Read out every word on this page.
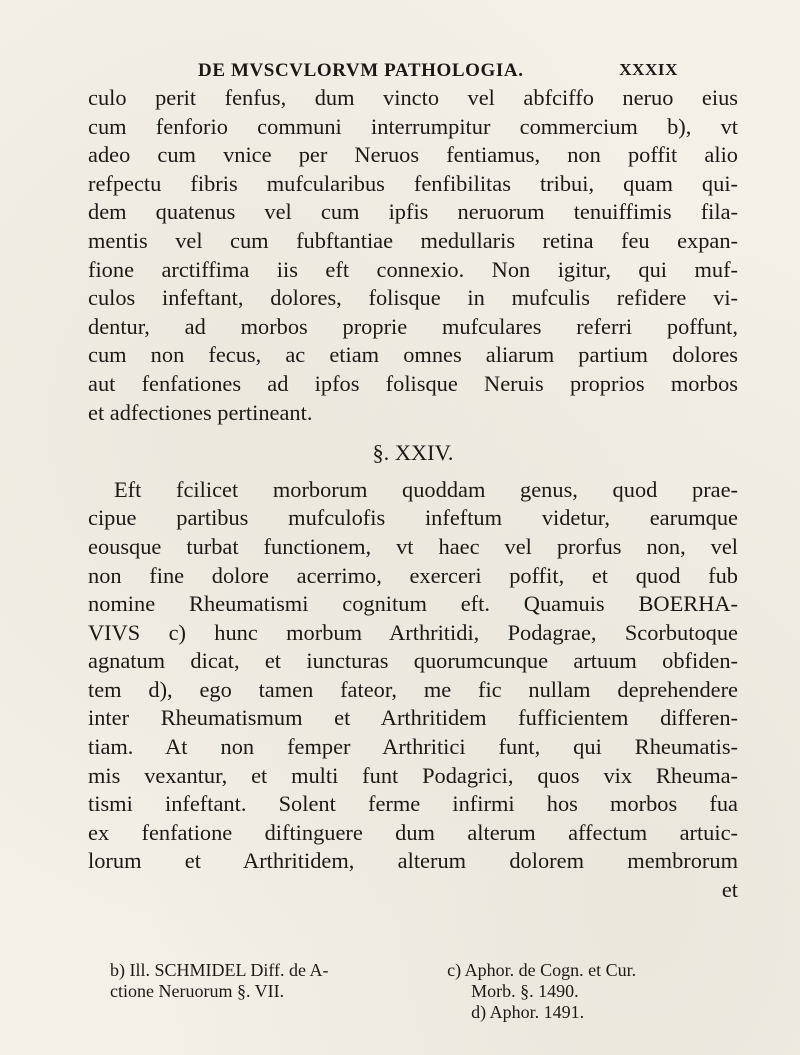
DE MVSCVLORVM PATHOLOGIA.	XXXIX
culo perit fenfus, dum vincto vel abfciffo neruo eius
cum fenforio communi interrumpitur commercium b), vt
adeo cum vnice per Neruos fentiamus, non poffit alio
refpectu fibris mufcularibus fenfibilitas tribui, quam qui-
dem quatenus vel cum ipfis neruorum tenuiffimis fila-
mentis vel cum fubftantiae medullaris retina feu expan-
fione arctiffima iis eft connexio. Non igitur, qui muf-
culos infeftant, dolores, folisque in mufculis refidere vi-
dentur, ad morbos proprie mufculares referri poffunt,
cum non fecus, ac etiam omnes aliarum partium dolores
aut fenfationes ad ipfos folisque Neruis proprios morbos
et adfectiones pertineant.
§. XXIV.
Eft fcilicet morborum quoddam genus, quod prae-
cipue partibus mufculofis infeftum videtur, earumque
eousque turbat functionem, vt haec vel prorfus non, vel
non fine dolore acerrimo, exerceri poffit, et quod fub
nomine Rheumatismi cognitum eft. Quamuis BOERHA-
VIVS c) hunc morbum Arthritidi, Podagrae, Scorbutoque
agnatum dicat, et iuncturas quorumcunque artuum obfiden-
tem d), ego tamen fateor, me fic nullam deprehendere
inter Rheumatismum et Arthritidem fufficientem differen-
tiam. At non femper Arthritici funt, qui Rheumatis-
mis vexantur, et multi funt Podagrici, quos vix Rheuma-
tismi infeftant. Solent ferme infirmi hos morbos fua
ex fenfatione diftinguere dum alterum affectum artuic-
lorum et Arthritidem, alterum dolorem membrorum
et
b) Ill. SCHMIDEL Diff. de A-
ctione Neruorum §. VII.
c) Aphor. de Cogn. et Cur.
Morb. §. 1490.
d) Aphor. 1491.
